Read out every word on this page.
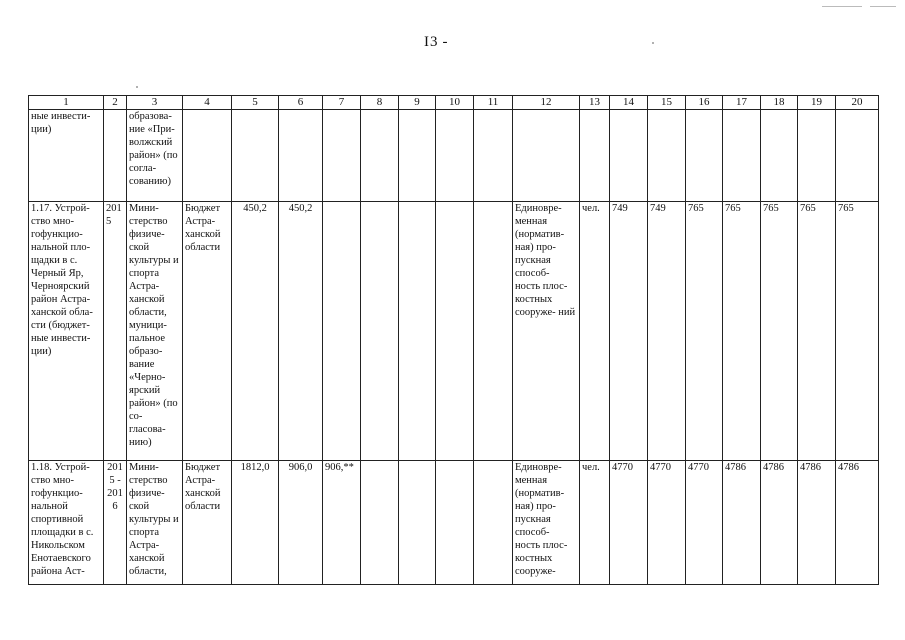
I3 -
1	2	3	4	5	6	7	8	9	10	11	12	13	14	15	16	17	18	19	20
ные инвести- ции)		образова- ние «При- волжский район» (по согла- сованию)																	
1.17. Устрой- ство мно- гофункцио- нальной пло- щадки в с. Черный Яр, Черноярский район Астра- ханской обла- сти (бюджет- ные инвести- ции)	2015	Мини- стерство физиче- ской культуры и спорта Астра- ханской области, муници- пальное образо- вание «Черно- ярский район» (по со- гласова- нию)	Бюджет Астра- ханской области	450,2	450,2						Единовре- менная (норматив- ная) про- пускная способ- ность плос- костных сооруже- ний	чел.	749	749	765	765	765	765	765
1.18. Устрой- ство мно- гофункцио- нальной спортивной площадки в с. Никольском Енотаевского района Аст-	2015 - 2016	Мини- стерство физиче- ской культуры и спорта Астра- ханской области,	Бюджет Астра- ханской области	1812,0	906,0	906,**					Единовре- менная (норматив- ная) про- пускная способ- ность плос- костных сооруже-	чел.	4770	4770	4770	4786	4786	4786	4786
